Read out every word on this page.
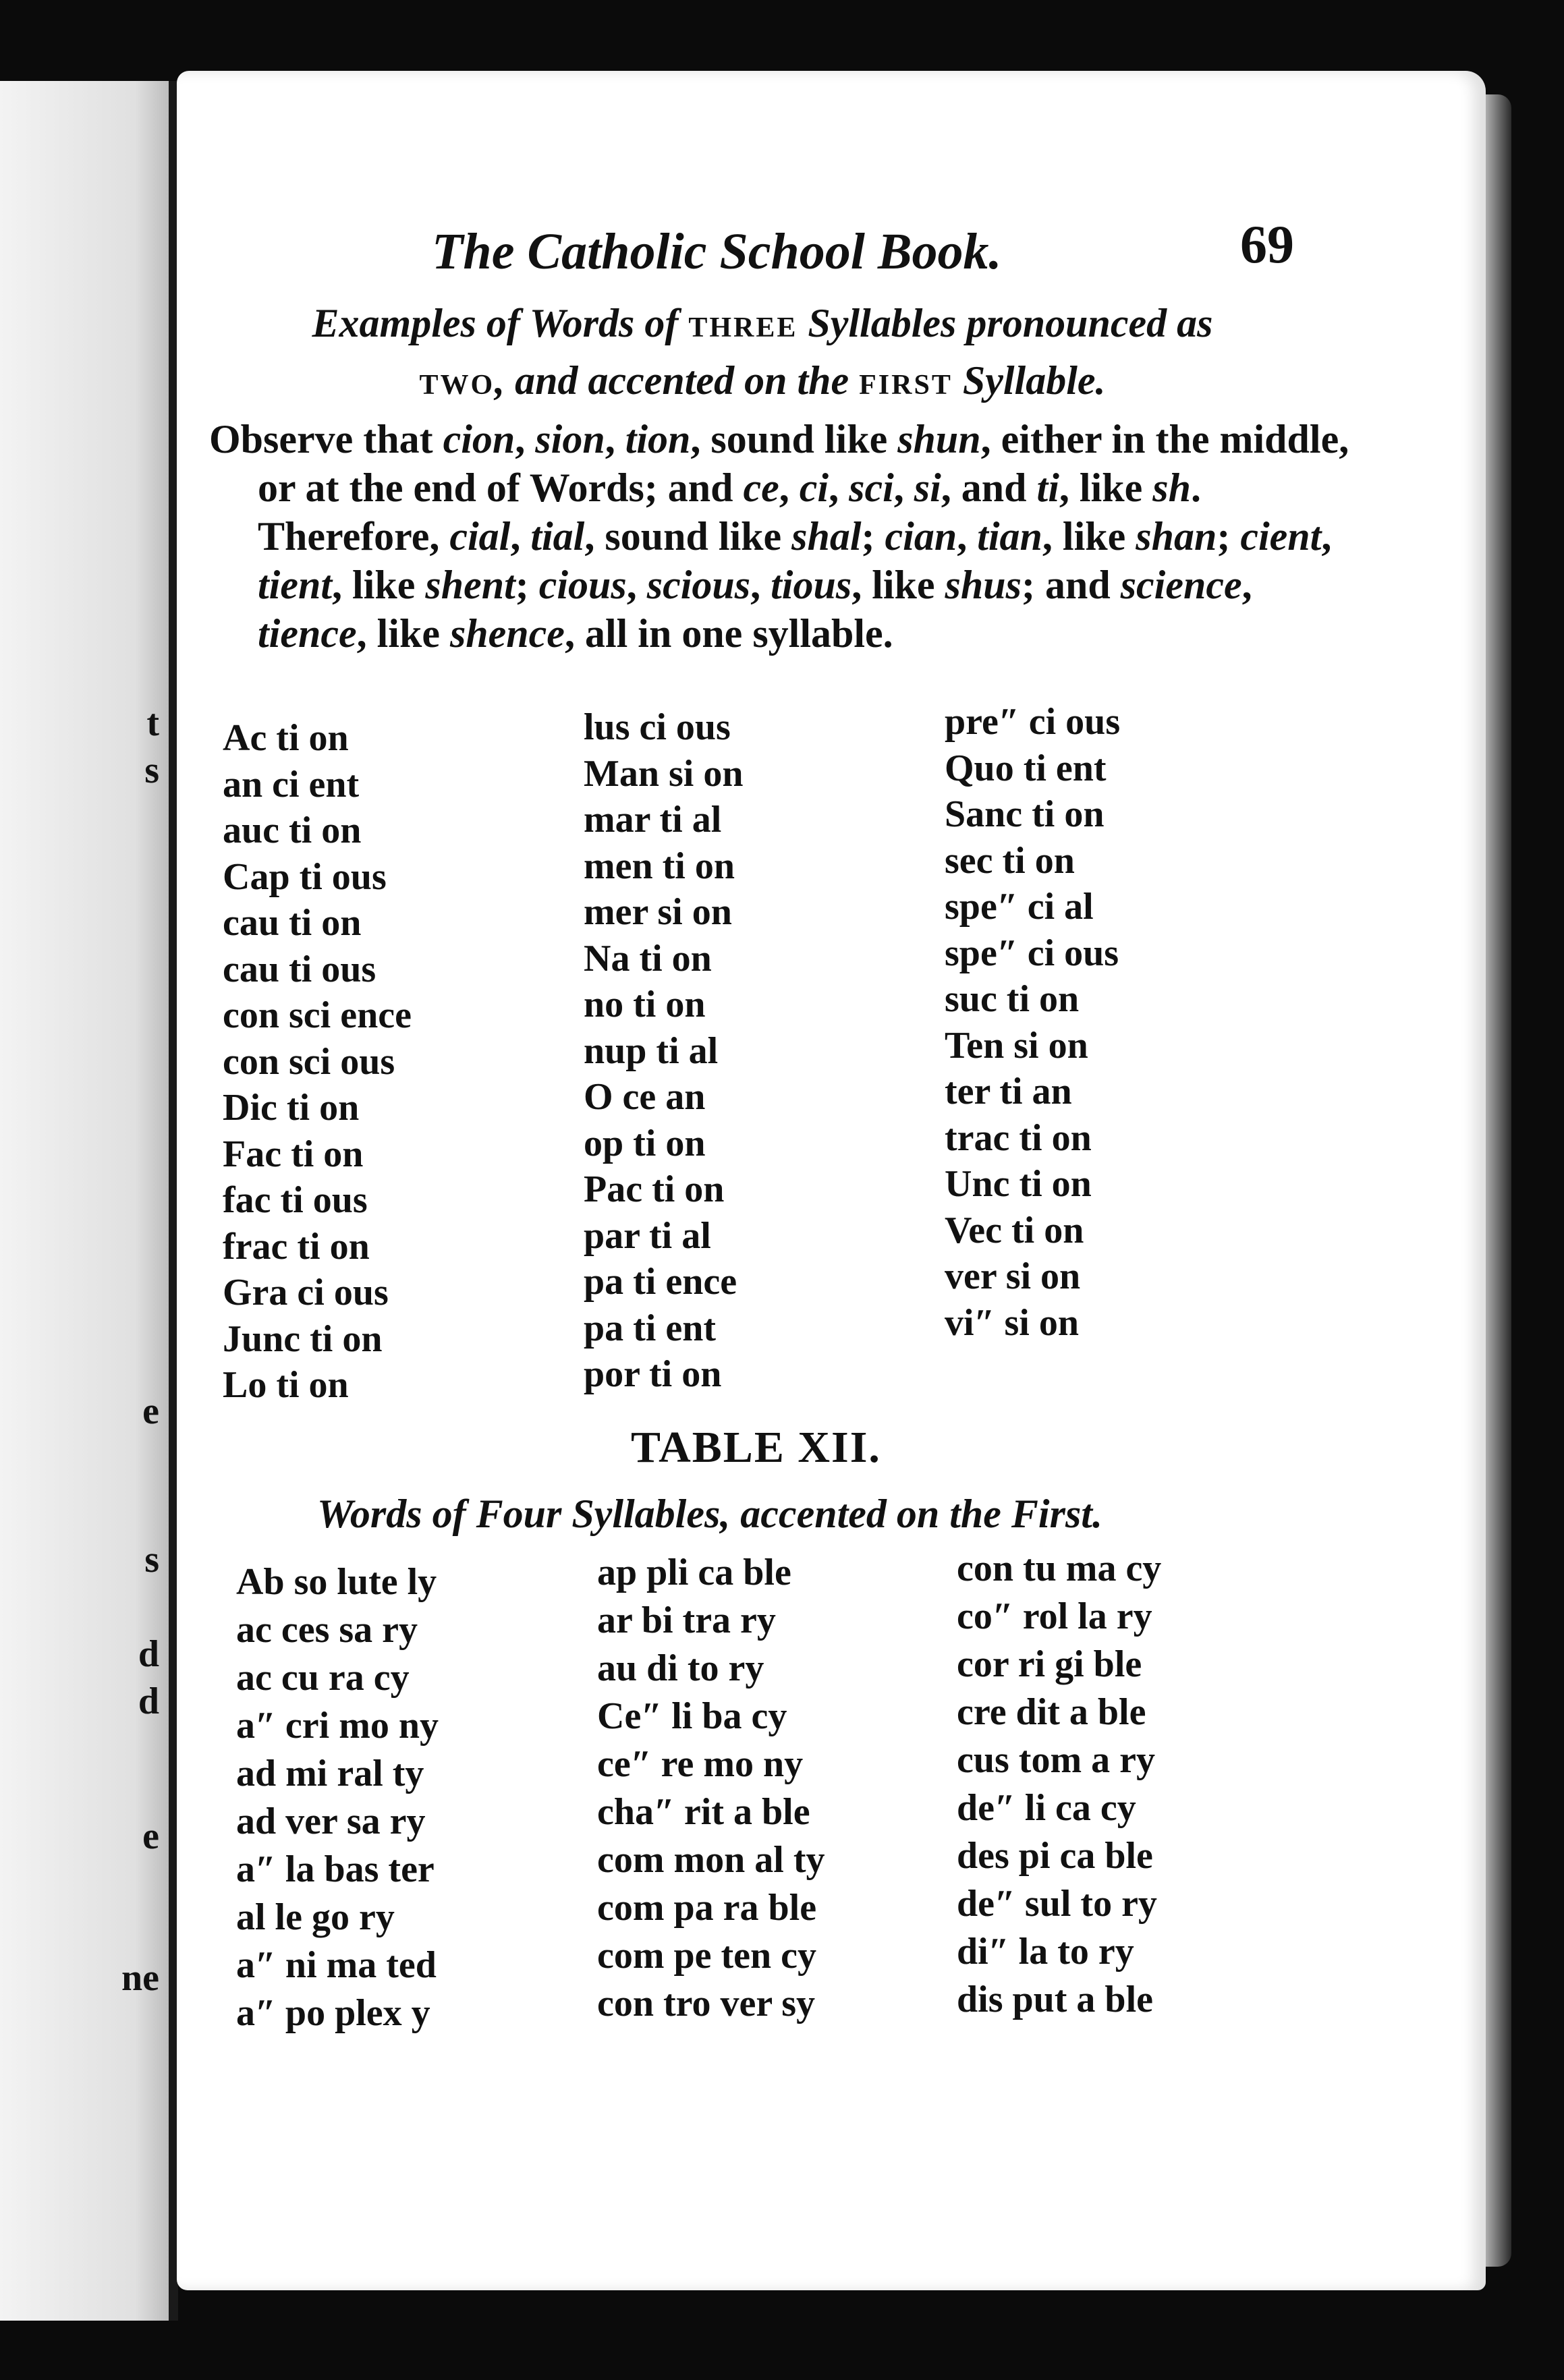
t
s
e
s
d
d
e
ne
The Catholic School Book.	69
Examples of Words of THREE Syllables pronounced as
TWO, and accented on the FIRST Syllable.
Observe that cion, sion, tion, sound like shun, either in the middle, or at the end of Words; and ce, ci, sci, si, and ti, like sh. Therefore, cial, tial, sound like shal; cian, tian, like shan; cient, tient, like shent; cious, scious, tious, like shus; and science, tience, like shence, all in one syllable.
Ac ti on
an ci ent
auc ti on
Cap ti ous
cau ti on
cau ti ous
con sci ence
con sci ous
Dic ti on
Fac ti on
fac ti ous
frac ti on
Gra ci ous
Junc ti on
Lo ti on
lus ci ous
Man si on
mar ti al
men ti on
mer si on
Na ti on
no ti on
nup ti al
O ce an
op ti on
Pac ti on
par ti al
pa ti ence
pa ti ent
por ti on
pre″ ci ous
Quo ti ent
Sanc ti on
sec ti on
spe″ ci al
spe″ ci ous
suc ti on
Ten si on
ter ti an
trac ti on
Unc ti on
Vec ti on
ver si on
vi″ si on
TABLE XII.
Words of Four Syllables, accented on the First.
Ab so lute ly
ac ces sa ry
ac cu ra cy
a″ cri mo ny
ad mi ral ty
ad ver sa ry
a″ la bas ter
al le go ry
a″ ni ma ted
a″ po plex y
ap pli ca ble
ar bi tra ry
au di to ry
Ce″ li ba cy
ce″ re mo ny
cha″ rit a ble
com mon al ty
com pa ra ble
com pe ten cy
con tro ver sy
con tu ma cy
co″ rol la ry
cor ri gi ble
cre dit a ble
cus tom a ry
de″ li ca cy
des pi ca ble
de″ sul to ry
di″ la to ry
dis put a ble
